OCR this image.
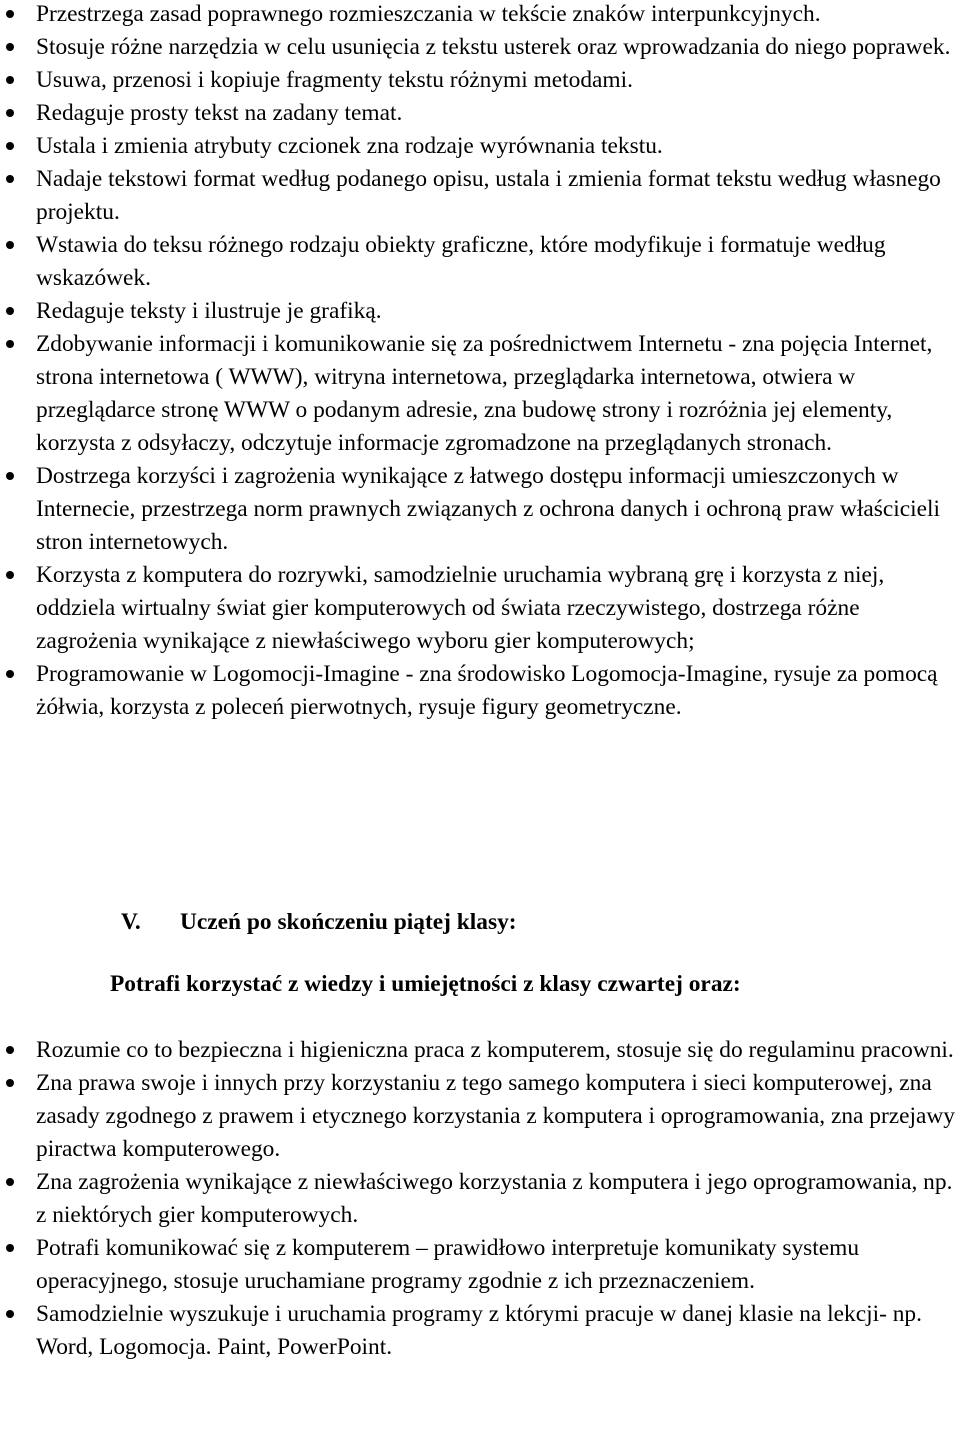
Przestrzega zasad poprawnego rozmieszczania w tekście znaków interpunkcyjnych.
Stosuje różne narzędzia w celu usunięcia z tekstu usterek oraz wprowadzania do niego poprawek.
Usuwa, przenosi i kopiuje fragmenty tekstu różnymi metodami.
Redaguje prosty tekst na zadany temat.
Ustala i zmienia atrybuty czcionek zna rodzaje wyrównania tekstu.
Nadaje tekstowi format według podanego opisu, ustala i zmienia format tekstu według własnego projektu.
Wstawia do teksu różnego rodzaju obiekty graficzne, które modyfikuje i formatuje według wskazówek.
Redaguje teksty i ilustruje je grafiką.
Zdobywanie informacji i komunikowanie się za pośrednictwem Internetu - zna pojęcia Internet, strona internetowa ( WWW), witryna internetowa, przeglądarka internetowa, otwiera w przeglądarce stronę WWW o podanym adresie, zna budowę strony i rozróżnia jej elementy, korzysta z odsyłaczy, odczytuje informacje zgromadzone na przeglądanych stronach.
Dostrzega korzyści i zagrożenia wynikające z łatwego dostępu informacji umieszczonych w Internecie, przestrzega norm prawnych związanych z ochrona danych i ochroną praw właścicieli stron internetowych.
Korzysta z komputera do rozrywki, samodzielnie uruchamia wybraną grę i korzysta z niej, oddziela wirtualny świat gier komputerowych od świata rzeczywistego, dostrzega różne zagrożenia wynikające z niewłaściwego wyboru gier komputerowych;
Programowanie w Logomocji-Imagine - zna środowisko Logomocja-Imagine, rysuje za pomocą żółwia, korzysta z poleceń pierwotnych, rysuje figury geometryczne.
V. Uczeń po skończeniu piątej klasy:
Potrafi korzystać z wiedzy i umiejętności z klasy czwartej oraz:
Rozumie co to bezpieczna i higieniczna praca z komputerem, stosuje się do regulaminu pracowni.
Zna prawa swoje i innych przy korzystaniu z tego samego komputera i sieci komputerowej, zna zasady zgodnego z prawem i etycznego korzystania z komputera i oprogramowania, zna przejawy piractwa komputerowego.
Zna zagrożenia wynikające z niewłaściwego korzystania z komputera i jego oprogramowania, np. z niektórych gier komputerowych.
Potrafi komunikować się z komputerem – prawidłowo interpretuje komunikaty systemu operacyjnego, stosuje uruchamiane programy zgodnie z ich przeznaczeniem.
Samodzielnie wyszukuje i uruchamia programy z którymi pracuje w danej klasie na lekcji- np. Word, Logomocja. Paint, PowerPoint.
